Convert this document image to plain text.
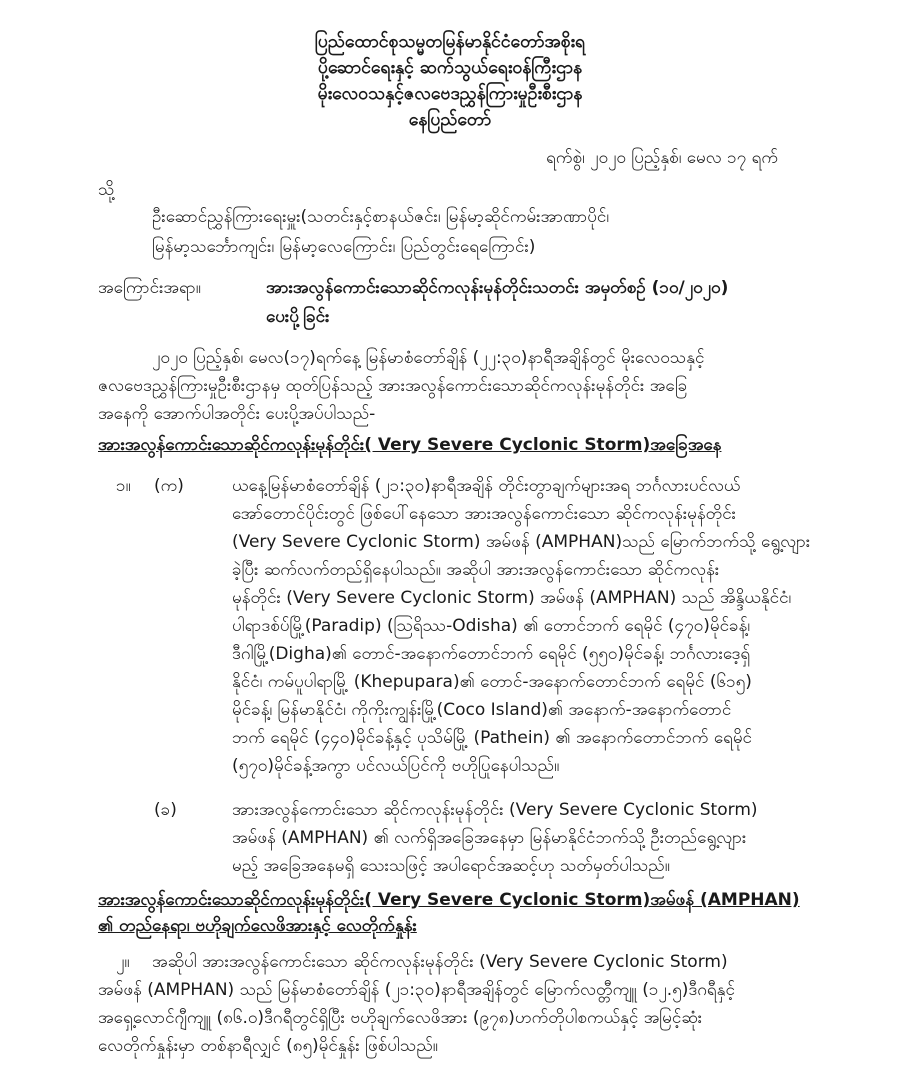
ပြည်ထောင်စုသမ္မတမြန်မာနိုင်ငံတော်အစိုးရ
ပို့ဆောင်ရေးနှင့် ဆက်သွယ်ရေးဝန်ကြီးဌာန
မိုးလေဝသနှင့်ဇလဗေဒညွှန်ကြားမှုဦးစီးဌာန
နေပြည်တော်
ရက်စွဲ၊ ၂၀၂၀ ပြည့်နှစ်၊ မေလ ၁၇ ရက်
သို့
ဦးဆောင်ညွှန်ကြားရေးမှူး(သတင်းနှင့်စာနယ်ဇင်း၊ မြန်မာ့ဆိုင်ကမ်းအာဏာပိုင်၊
မြန်မာ့သင်္ဘောကျင်း၊ မြန်မာ့လေကြောင်း၊ ပြည်တွင်းရေကြောင်း)
အကြောင်းအရာ။	အားအလွန်ကောင်းသောဆိုင်ကလုန်းမုန်တိုင်းသတင်း အမှတ်စဉ် (၁၀/၂၀၂၀)
ပေးပို့ခြင်း
၂၀၂၀ ပြည့်နှစ်၊ မေလ(၁၇)ရက်နေ့ မြန်မာစံတော်ချိန် (၂၂:၃၀)နာရီအချိန်တွင် မိုးလေဝသနှင့်
ဇလဗေဒညွှန်ကြားမှုဦးစီးဌာနမှ ထုတ်ပြန်သည့် အားအလွန်ကောင်းသောဆိုင်ကလုန်းမုန်တိုင်း အခြေ
အနေကို အောက်ပါအတိုင်း ပေးပို့အပ်ပါသည်-
အားအလွန်ကောင်းသောဆိုင်ကလုန်းမုန်တိုင်း( Very Severe Cyclonic Storm)အခြေအနေ
၁။ (က)	ယနေ့မြန်မာစံတော်ချိန် (၂၁:၃၀)နာရီအချိန် တိုင်းတွာချက်များအရ ဘင်္ဂလားပင်လယ်
အော်တောင်ပိုင်းတွင် ဖြစ်ပေါ်နေသော အားအလွန်ကောင်းသော ဆိုင်ကလုန်းမုန်တိုင်း
(Very Severe Cyclonic Storm) အမ်ဖန် (AMPHAN)သည် မြောက်ဘက်သို့ ရွေ့လျား
ခဲ့ပြီး ဆက်လက်တည်ရှိနေပါသည်။ အဆိုပါ အားအလွန်ကောင်းသော ဆိုင်ကလုန်း
မုန်တိုင်း (Very Severe Cyclonic Storm) အမ်ဖန် (AMPHAN) သည် အိန္ဒိယနိုင်ငံ၊
ပါရာဒစ်ပ်မြို့(Paradip) (ဩရိဿ-Odisha) ၏ တောင်ဘက် ရေမိုင် (၄၇၀)မိုင်ခန့်၊
ဒီဂါမြို့(Digha)၏ တောင်-အနောက်တောင်ဘက် ရေမိုင် (၅၅၀)မိုင်ခန့်၊ ဘင်္ဂလားဒေ့ရှ်
နိုင်ငံ၊ ကမ်ပူပါရာမြို့ (Khepupara)၏ တောင်-အနောက်တောင်ဘက် ရေမိုင် (၆၁၅)
မိုင်ခန့်၊ မြန်မာနိုင်ငံ၊ ကိုကိုးကျွန်းမြို့(Coco Island)၏ အနောက်-အနောက်တောင်
ဘက် ရေမိုင် (၄၄၀)မိုင်ခန့်နှင့် ပုသိမ်မြို့ (Pathein) ၏ အနောက်တောင်ဘက် ရေမိုင်
(၅၇၀)မိုင်ခန့်အကွာ ပင်လယ်ပြင်ကို ဗဟိုပြုနေပါသည်။
(ခ)	အားအလွန်ကောင်းသော ဆိုင်ကလုန်းမုန်တိုင်း (Very Severe Cyclonic Storm)
အမ်ဖန် (AMPHAN) ၏ လက်ရှိအခြေအနေမှာ မြန်မာနိုင်ငံဘက်သို့ ဦးတည်ရွေ့လျား
မည့် အခြေအနေမရှိ သေးသဖြင့် အပါရောင်အဆင့်ဟု သတ်မှတ်ပါသည်။
အားအလွန်ကောင်းသောဆိုင်ကလုန်းမုန်တိုင်း( Very Severe Cyclonic Storm)အမ်ဖန် (AMPHAN)
၏ တည်နေရာ၊ ဗဟိုချက်လေဖိအားနှင့် လေတိုက်နှုန်း
၂။ အဆိုပါ အားအလွန်ကောင်းသော ဆိုင်ကလုန်းမုန်တိုင်း (Very Severe Cyclonic Storm)
အမ်ဖန် (AMPHAN) သည် မြန်မာစံတော်ချိန် (၂၁:၃၀)နာရီအချိန်တွင် မြောက်လတ္တီကျူ (၁၂.၅)ဒီဂရီနှင့်
အရှေ့လောင်ဂျီကျူ (၈၆.၀)ဒီဂရီတွင်ရှိပြီး ဗဟိုချက်လေဖိအား (၉၇၈)ဟက်တိုပါစကယ်နှင့် အမြင့်ဆုံး
လေတိုက်နှုန်းမှာ တစ်နာရီလျှင် (၈၅)မိုင်နှုန်း ဖြစ်ပါသည်။
